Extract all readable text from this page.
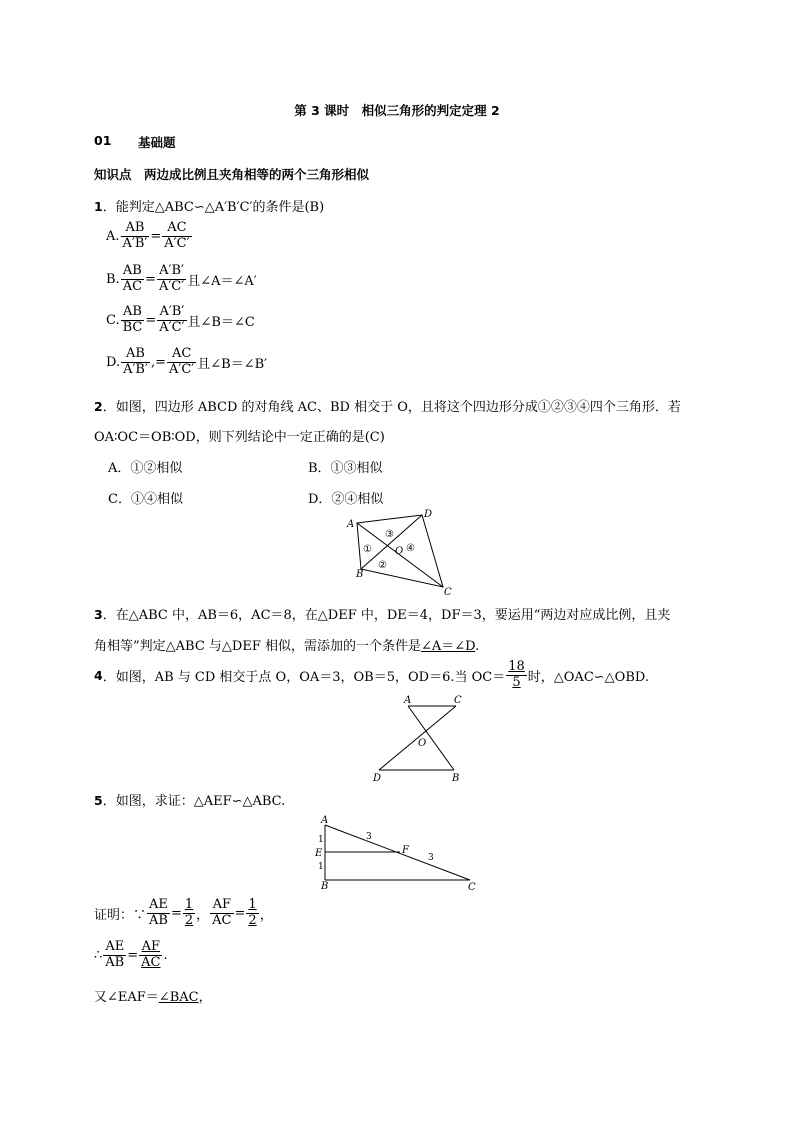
第 3 课时　相似三角形的判定定理 2
01 基础题
知识点　两边成比例且夹角相等的两个三角形相似
1．能判定△ABC∽△A′B′C′的条件是(B)
A. $\frac{AB}{A'B'} = \frac{AC}{A'C'}$
B. $\frac{AB}{AC} = \frac{A'B'}{A'C'}$ 且∠A＝∠A′
C. $\frac{AB}{BC} = \frac{A'B'}{A'C'}$ 且∠B＝∠C
D. $\frac{AB}{A'B'}$ , = $\frac{AC}{A'C'}$ 且∠B＝∠B′
2．如图，四边形 ABCD 的对角线 AC、BD 相交于 O，且将这个四边形分成①②③④四个三角形．若
OA∶OC＝OB∶OD，则下列结论中一定正确的是(C)
A．①②相似	B．①③相似
C．①④相似	D．②④相似
A
D
B
C
O
①
②
③
④
3．在△ABC 中，AB＝6，AC＝8，在△DEF 中，DE＝4，DF＝3，要运用“两边对应成比例，且夹
角相等”判定△ABC 与△DEF 相似，需添加的一个条件是∠A＝∠D.
4 ．如图，AB 与 CD 相交于点 O，OA＝3，OB＝5，OD＝6.当 $OC= \frac{18}{5}$ 时，△OAC∽△OBD.
A	C
O
D	B
5．如图，求证：△AEF∽△ABC.
A
E
B	C
F
1
1
3
3
证明：∵ $\frac{AE}{AB} = \frac{1}{2}$ ， $\frac{AF}{AC} = \frac{1}{2}$ ，
∴ $\frac{AE}{AB} = \frac{AF}{AC}$ .
又∠EAF＝∠BAC，
